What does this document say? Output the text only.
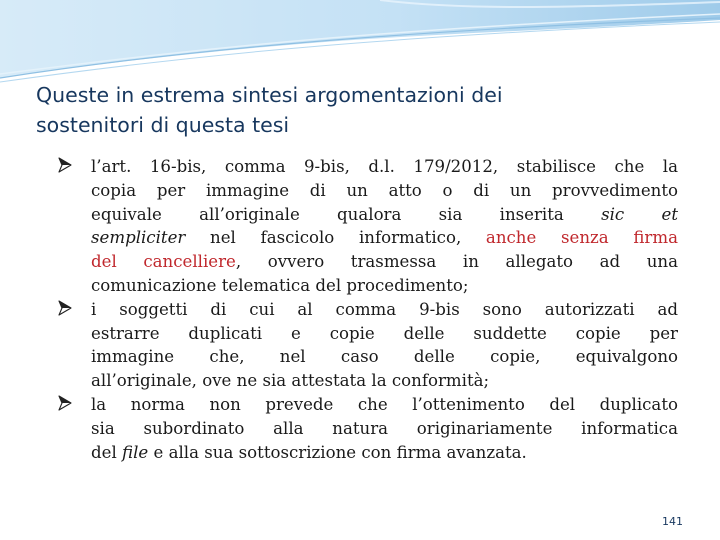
Queste in estrema sintesi argomentazioni dei
sostenitori di questa tesi
l’art. 16-bis, comma 9-bis, d.l. 179/2012, stabilisce che la
copia per immagine di un atto o di un provvedimento
equivale all’originale qualora sia inserita sic et
sempliciter nel fascicolo informatico, anche senza firma
del cancelliere, ovvero trasmessa in allegato ad una
comunicazione telematica del procedimento;
i soggetti di cui al comma 9-bis sono autorizzati ad
estrarre duplicati e copie delle suddette copie per
immagine che, nel caso delle copie, equivalgono
all’originale, ove ne sia attestata la conformità;
la norma non prevede che l’ottenimento del duplicato
sia subordinato alla natura originariamente informatica
del file e alla sua sottoscrizione con firma avanzata.
141
